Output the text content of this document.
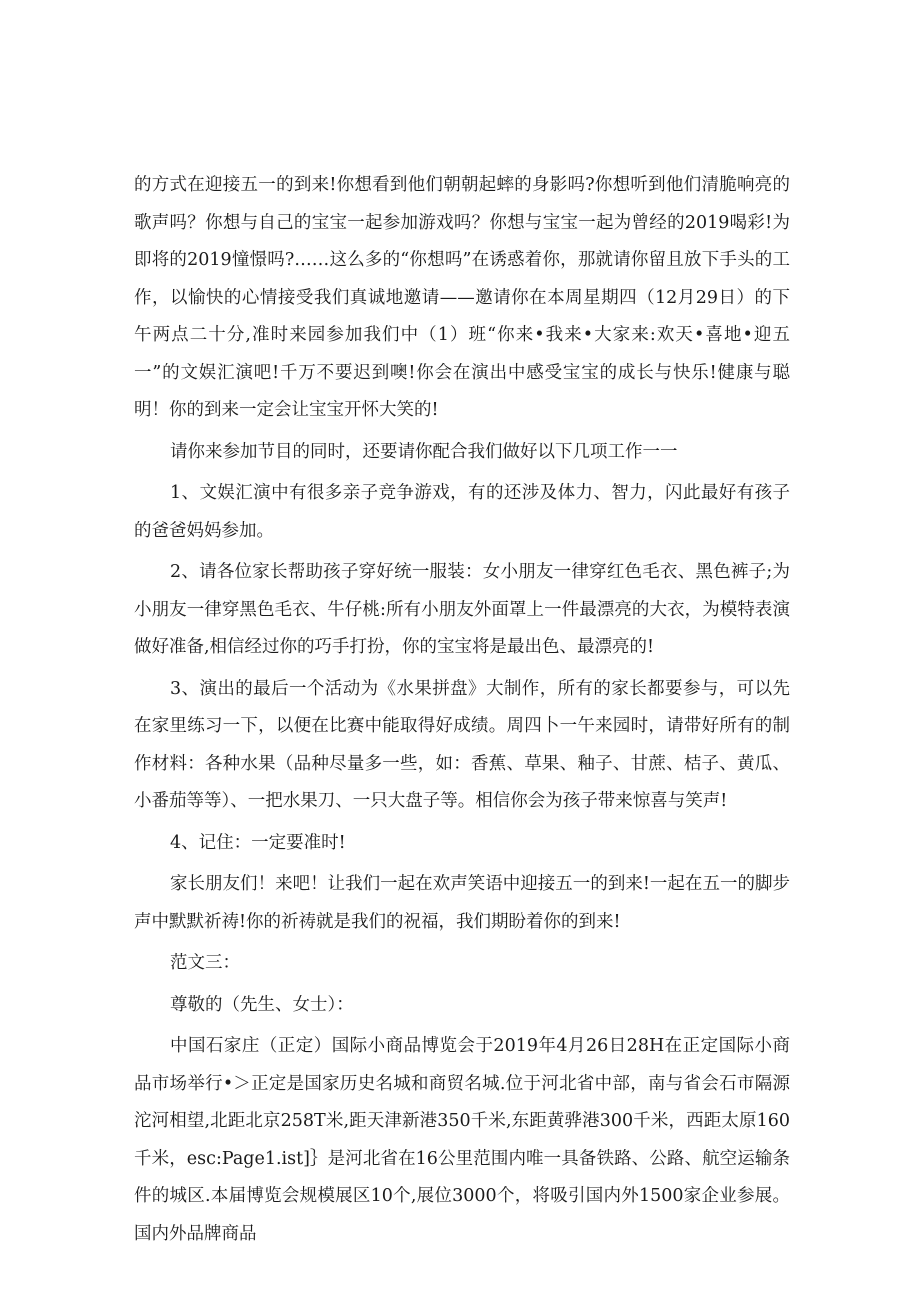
的方式在迎接五一的到来!你想看到他们朝朝起蟀的身影吗?你想听到他们清脆响亮的歌声吗？你想与自己的宝宝一起参加游戏吗？你想与宝宝一起为曾经的2019喝彩!为即将的2019憧憬吗?……这么多的“你想吗”在诱惑着你，那就请你留且放下手头的工作，以愉快的心情接受我们真诚地邀请——邀请你在本周星期四（12月29日）的下午两点二十分,准时来园参加我们中（1）班“你来•我来•大家来:欢天•喜地•迎五一”的文娱汇演吧!千万不要迟到噢!你会在演出中感受宝宝的成长与快乐!健康与聪明！你的到来一定会让宝宝开怀大笑的!

请你来参加节目的同时，还要请你配合我们做好以下几项工作一一

1、文娱汇演中有很多亲子竞争游戏，有的还涉及体力、智力，闪此最好有孩子的爸爸妈妈参加。

2、请各位家长帮助孩子穿好统一服装：女小朋友一律穿红色毛衣、黑色裤子;为小朋友一律穿黑色毛衣、牛仔桃:所有小朋友外面罩上一件最漂亮的大衣，为模特表演做好准备,相信经过你的巧手打扮，你的宝宝将是最出色、最漂亮的!

3、演出的最后一个活动为《水果拼盘》大制作，所有的家长都要参与，可以先在家里练习一下，以便在比赛中能取得好成绩。周四卜一午来园时，请带好所有的制作材料：各种水果（品种尽量多一些，如：香蕉、草果、釉子、甘蔗、桔子、黄瓜、小番茄等等）、一把水果刀、一只大盘子等。相信你会为孩子带来惊喜与笑声!

4、记住：一定要准时!

家长朋友们！来吧！让我们一起在欢声笑语中迎接五一的到来!一起在五一的脚步声中默默祈祷!你的祈祷就是我们的祝福，我们期盼着你的到来!

范文三：

尊敬的（先生、女士）：

中国石家庄（正定）国际小商品博览会于2019年4月26日28H在正定国际小商品市场举行•＞正定是国家历史名城和商贸名城.位于河北省中部，南与省会石市隔源沱河相望,北距北京258T米,距天津新港350千米,东距黄骅港300千米，西距太原160千米，esc:Page1.ist]｝是河北省在16公里范围内唯一具备铁路、公路、航空运输条件的城区.本届博览会规模展区10个,展位3000个，将吸引国内外1500家企业参展。国内外品牌商品
